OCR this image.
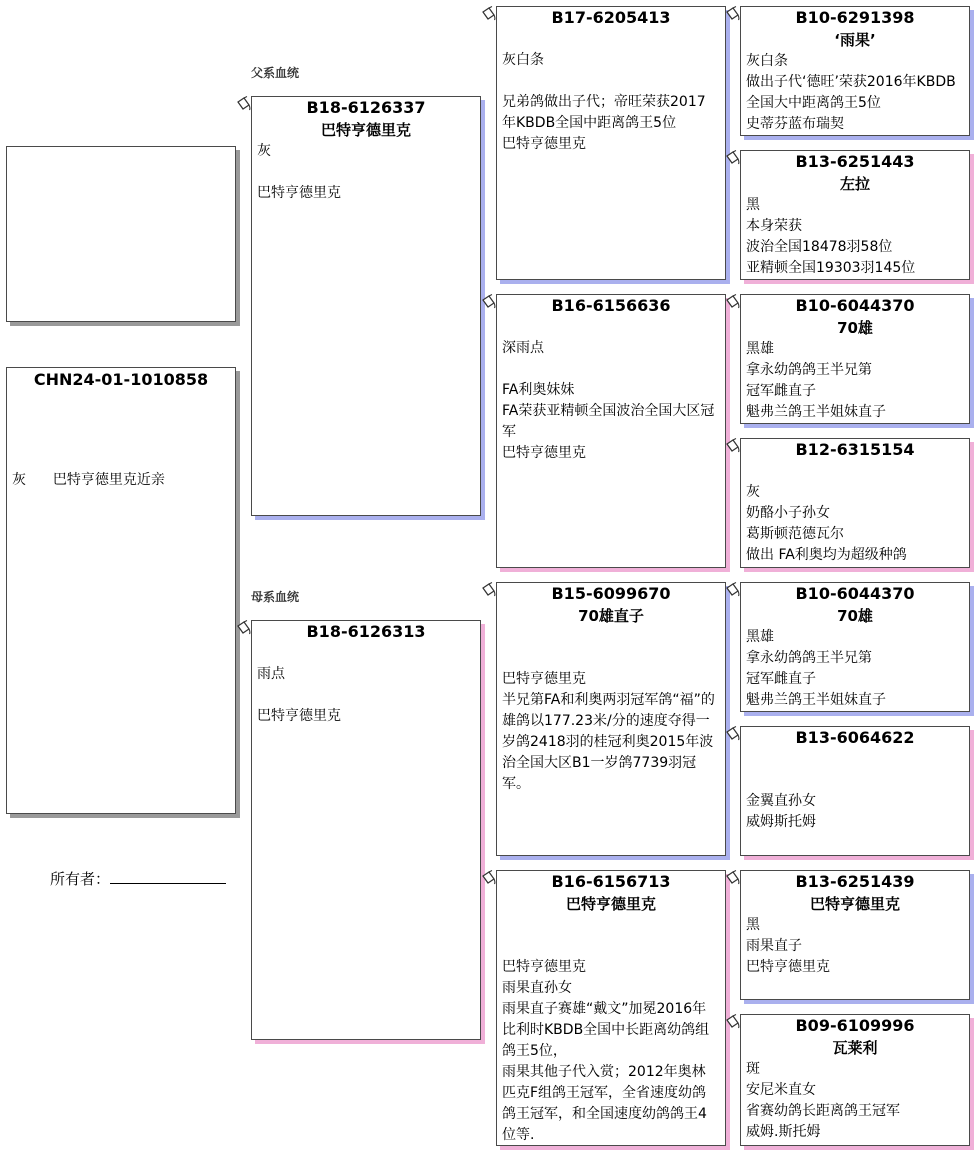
CHN24-01-1010858
灰 巴特亨德里克近亲
所有者：
父系血统
母系血统
B18-6126337
巴特亨德里克
灰
巴特亨德里克
B18-6126313
雨点
巴特亨德里克
B17-6205413
灰白条
兄弟鸽做出子代；帝旺荣获2017年KBDB全国中距离鸽王5位
巴特亨德里克
B16-6156636
深雨点
FA利奥妹妹
FA荣获亚精顿全国波治全国大区冠军
巴特亨德里克
B15-6099670
70雄直子
巴特亨德里克
半兄第FA和利奥两羽冠军鸽“福”的雄鸽以177.23米/分的速度夺得一岁鸽2418羽的桂冠利奥2015年波治全国大区B1一岁鸽7739羽冠军。
B16-6156713
巴特亨德里克
巴特亨德里克
雨果直孙女
雨果直子赛雄“戴文”加冕2016年比利时KBDB全国中长距离幼鸽组鸽王5位，
雨果其他子代入赏；2012年奥林匹克F组鸽王冠军，全省速度幼鸽鸽王冠军，和全国速度幼鸽鸽王4位等.
B10-6291398
‘雨果’
灰白条
做出子代‘德旺’荣获2016年KBDB全国大中距离鸽王5位
史蒂芬蓝布瑞契
B13-6251443
左拉
黑
本身荣获
波治全国18478羽58位
亚精顿全国19303羽145位
B10-6044370
70雄
黑雄
拿永幼鸽鸽王半兄第
冠军雌直子
魁弗兰鸽王半姐妹直子
B12-6315154
灰
奶酪小子孙女
葛斯顿范德瓦尔
做出 FA利奥均为超级种鸽
B10-6044370
70雄
黑雄
拿永幼鸽鸽王半兄第
冠军雌直子
魁弗兰鸽王半姐妹直子
B13-6064622
金翼直孙女
威姆斯托姆
B13-6251439
巴特亨德里克
黑
雨果直子
巴特亨德里克
B09-6109996
瓦莱利
斑
安尼米直女
省赛幼鸽长距离鸽王冠军
威姆.斯托姆
